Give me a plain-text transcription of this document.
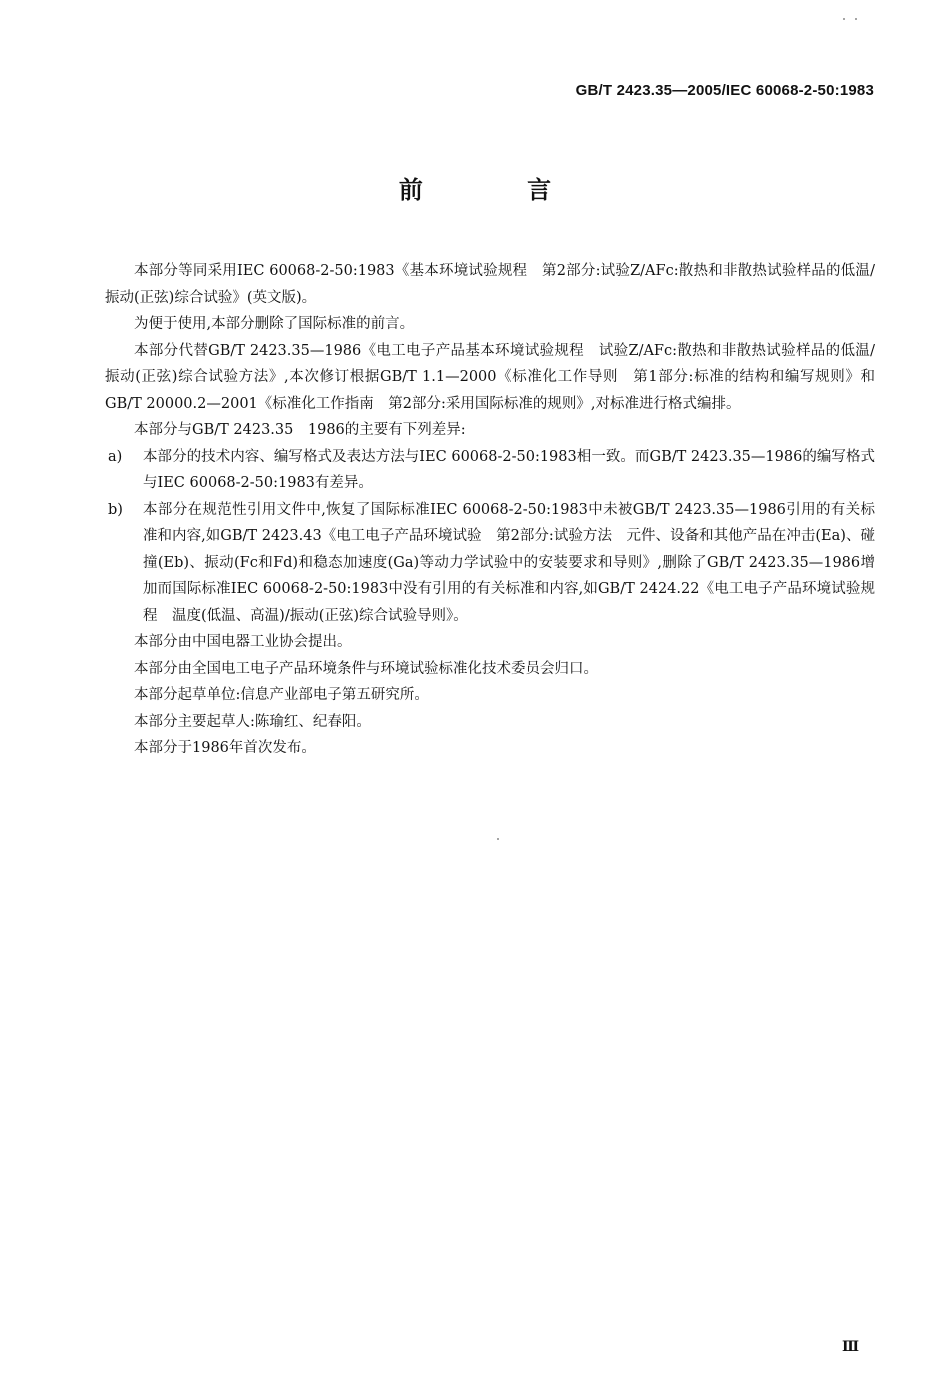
GB/T 2423.35—2005/IEC 60068-2-50:1983
前 言

本部分等同采用IEC 60068-2-50:1983《基本环境试验规程　第2部分:试验Z/AFc:散热和非散热试验样品的低温/振动(正弦)综合试验》(英文版)。

为便于使用,本部分删除了国际标准的前言。

本部分代替GB/T 2423.35—1986《电工电子产品基本环境试验规程　试验Z/AFc:散热和非散热试验样品的低温/振动(正弦)综合试验方法》,本次修订根据GB/T 1.1—2000《标准化工作导则　第1部分:标准的结构和编写规则》和GB/T 20000.2—2001《标准化工作指南　第2部分:采用国际标准的规则》,对标准进行格式编排。

本部分与GB/T 2423.35　1986的主要有下列差异:

a) 本部分的技术内容、编写格式及表达方法与IEC 60068-2-50:1983相一致。而GB/T 2423.35—1986的编写格式与IEC 60068-2-50:1983有差异。
b) 本部分在规范性引用文件中,恢复了国际标准IEC 60068-2-50:1983中未被GB/T 2423.35—1986引用的有关标准和内容,如GB/T 2423.43《电工电子产品环境试验　第2部分:试验方法　元件、设备和其他产品在冲击(Ea)、碰撞(Eb)、振动(Fc和Fd)和稳态加速度(Ga)等动力学试验中的安装要求和导则》,删除了GB/T 2423.35—1986增加而国际标准IEC 60068-2-50:1983中没有引用的有关标准和内容,如GB/T 2424.22《电工电子产品环境试验规程　温度(低温、高温)/振动(正弦)综合试验导则》。

本部分由中国电器工业协会提出。

本部分由全国电工电子产品环境条件与环境试验标准化技术委员会归口。

本部分起草单位:信息产业部电子第五研究所。

本部分主要起草人:陈瑜红、纪春阳。

本部分于1986年首次发布。

Ⅲ
